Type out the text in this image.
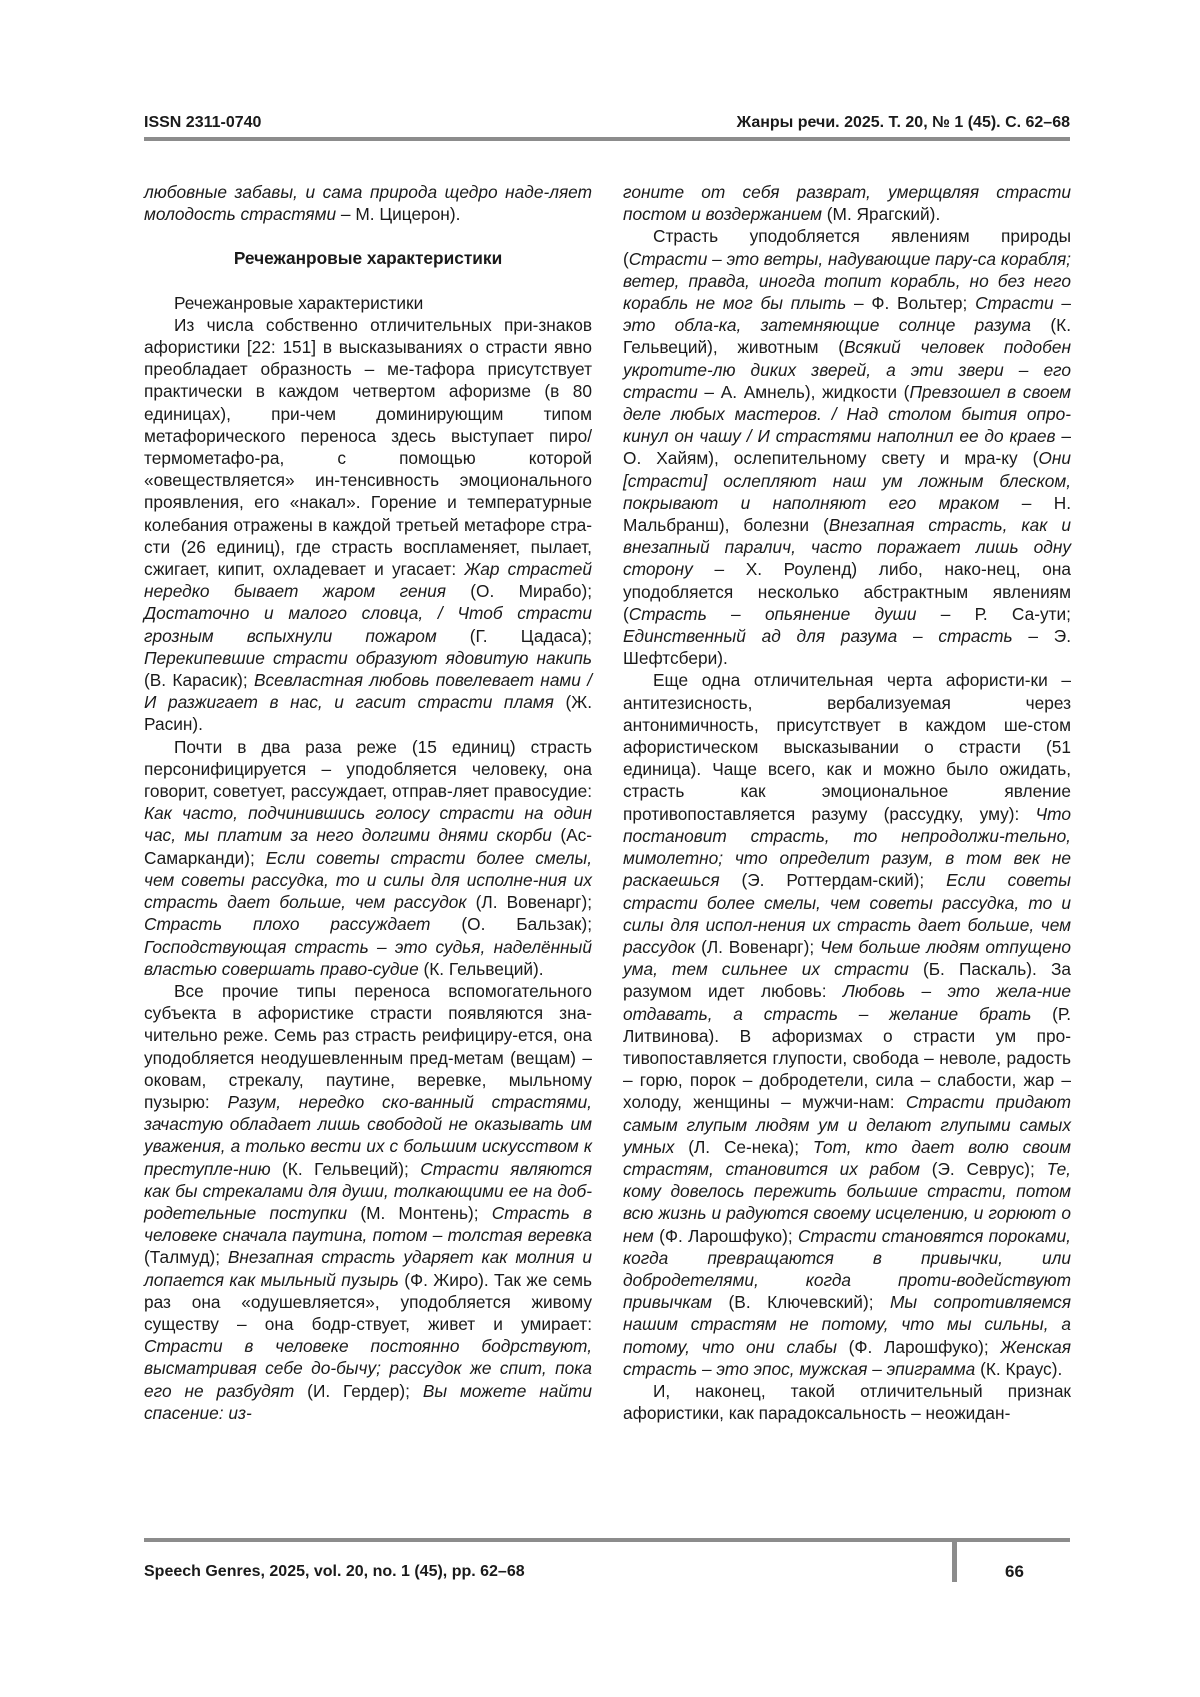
ISSN 2311-0740	Жанры речи. 2025. Т. 20, № 1 (45). С. 62–68

любовные забавы, и сама природа щедро наде-ляет молодость страстями – М. Цицерон).

Речежанровые характеристики

Речежанровые характеристики

Из числа собственно отличительных при-знаков афористики [22: 151] в высказываниях о страсти явно преобладает образность – ме-тафора присутствует практически в каждом четвертом афоризме (в 80 единицах), при-чем доминирующим типом метафорического переноса здесь выступает пиро/термометафо-ра, с помощью которой «овеществляется» ин-тенсивность эмоционального проявления, его «накал». Горение и температурные колебания отражены в каждой третьей метафоре стра-сти (26 единиц), где страсть воспламеняет, пылает, сжигает, кипит, охладевает и угасает: Жар страстей нередко бывает жаром гения (О. Мирабо); Достаточно и малого словца, / Чтоб страсти грозным вспыхнули пожаром (Г. Цадаса); Перекипевшие страсти образуют ядовитую накипь (В. Карасик); Всевластная любовь повелевает нами / И разжигает в нас, и гасит страсти пламя (Ж. Расин).

Почти в два раза реже (15 единиц) страсть персонифицируется – уподобляется человеку, она говорит, советует, рассуждает, отправ-ляет правосудие: Как часто, подчинившись голосу страсти на один час, мы платим за него долгими днями скорби (Ас-Самарканди); Если советы страсти более смелы, чем советы рассудка, то и силы для исполне-ния их страсть дает больше, чем рассудок (Л. Вовенарг); Страсть плохо рассуждает (О. Бальзак); Господствующая страсть – это судья, наделённый властью совершать право-судие (К. Гельвеций).

Все прочие типы переноса вспомогательного субъекта в афористике страсти появляются зна-чительно реже. Семь раз страсть реифициру-ется, она уподобляется неодушевленным пред-метам (вещам) – оковам, стрекалу, паутине, веревке, мыльному пузырю: Разум, нередко ско-ванный страстями, зачастую обладает лишь свободой не оказывать им уважения, а только вести их с большим искусством к преступле-нию (К. Гельвеций); Страсти являются как бы стрекалами для души, толкающими ее на доб-родетельные поступки (М. Монтень); Страсть в человеке сначала паутина, потом – толстая веревка (Талмуд); Внезапная страсть ударяет как молния и лопается как мыльный пузырь (Ф. Жиро). Так же семь раз она «одушевляется», уподобляется живому существу – она бодр-ствует, живет и умирает: Страсти в человеке постоянно бодрствуют, высматривая себе до-бычу; рассудок же спит, пока его не разбудят (И. Гердер); Вы можете найти спасение: из-

гоните от себя разврат, умерщвляя страсти постом и воздержанием (М. Ярагский).

Страсть уподобляется явлениям природы (Страсти – это ветры, надувающие пару-са корабля; ветер, правда, иногда топит корабль, но без него корабль не мог бы плыть – Ф. Вольтер; Страсти – это обла-ка, затемняющие солнце разума (К. Гельвеций), животным (Всякий человек подобен укротите-лю диких зверей, а эти звери – его страсти – А. Амнель), жидкости (Превзошел в своем деле любых мастеров. / Над столом бытия опро-кинул он чашу / И страстями наполнил ее до краев – О. Хайям), ослепительному свету и мра-ку (Они [страсти] ослепляют наш ум ложным блеском, покрывают и наполняют его мраком – Н. Мальбранш), болезни (Внезапная страсть, как и внезапный паралич, часто поражает лишь одну сторону – Х. Роуленд) либо, нако-нец, она уподобляется несколько абстрактным явлениям (Страсть – опьянение души – Р. Са-ути; Единственный ад для разума – страсть – Э. Шефтсбери).

Еще одна отличительная черта афористи-ки – антитезисность, вербализуемая через антонимичность, присутствует в каждом ше-стом афористическом высказывании о страсти (51 единица). Чаще всего, как и можно было ожидать, страсть как эмоциональное явление противопоставляется разуму (рассудку, уму): Что постановит страсть, то непродолжи-тельно, мимолетно; что определит разум, в том век не раскаешься (Э. Роттердам-ский); Если советы страсти более смелы, чем советы рассудка, то и силы для испол-нения их страсть дает больше, чем рассудок (Л. Вовенарг); Чем больше людям отпущено ума, тем сильнее их страсти (Б. Паскаль). За разумом идет любовь: Любовь – это жела-ние отдавать, а страсть – желание брать (Р. Литвинова). В афоризмах о страсти ум про-тивопоставляется глупости, свобода – неволе, радость – горю, порок – добродетели, сила – слабости, жар – холоду, женщины – мужчи-нам: Страсти придают самым глупым людям ум и делают глупыми самых умных (Л. Се-нека); Тот, кто дает волю своим страстям, становится их рабом (Э. Севрус); Те, кому довелось пережить большие страсти, потом всю жизнь и радуются своему исцелению, и горюют о нем (Ф. Ларошфуко); Страсти становятся пороками, когда превращаются в привычки, или добродетелями, когда проти-водействуют привычкам (В. Ключевский); Мы сопротивляемся нашим страстям не потому, что мы сильны, а потому, что они слабы (Ф. Ларошфуко); Женская страсть – это эпос, мужская – эпиграмма (К. Краус).

И, наконец, такой отличительный признак афористики, как парадоксальность – неожидан-

Speech Genres, 2025, vol. 20, no. 1 (45), pp. 62–68	66
